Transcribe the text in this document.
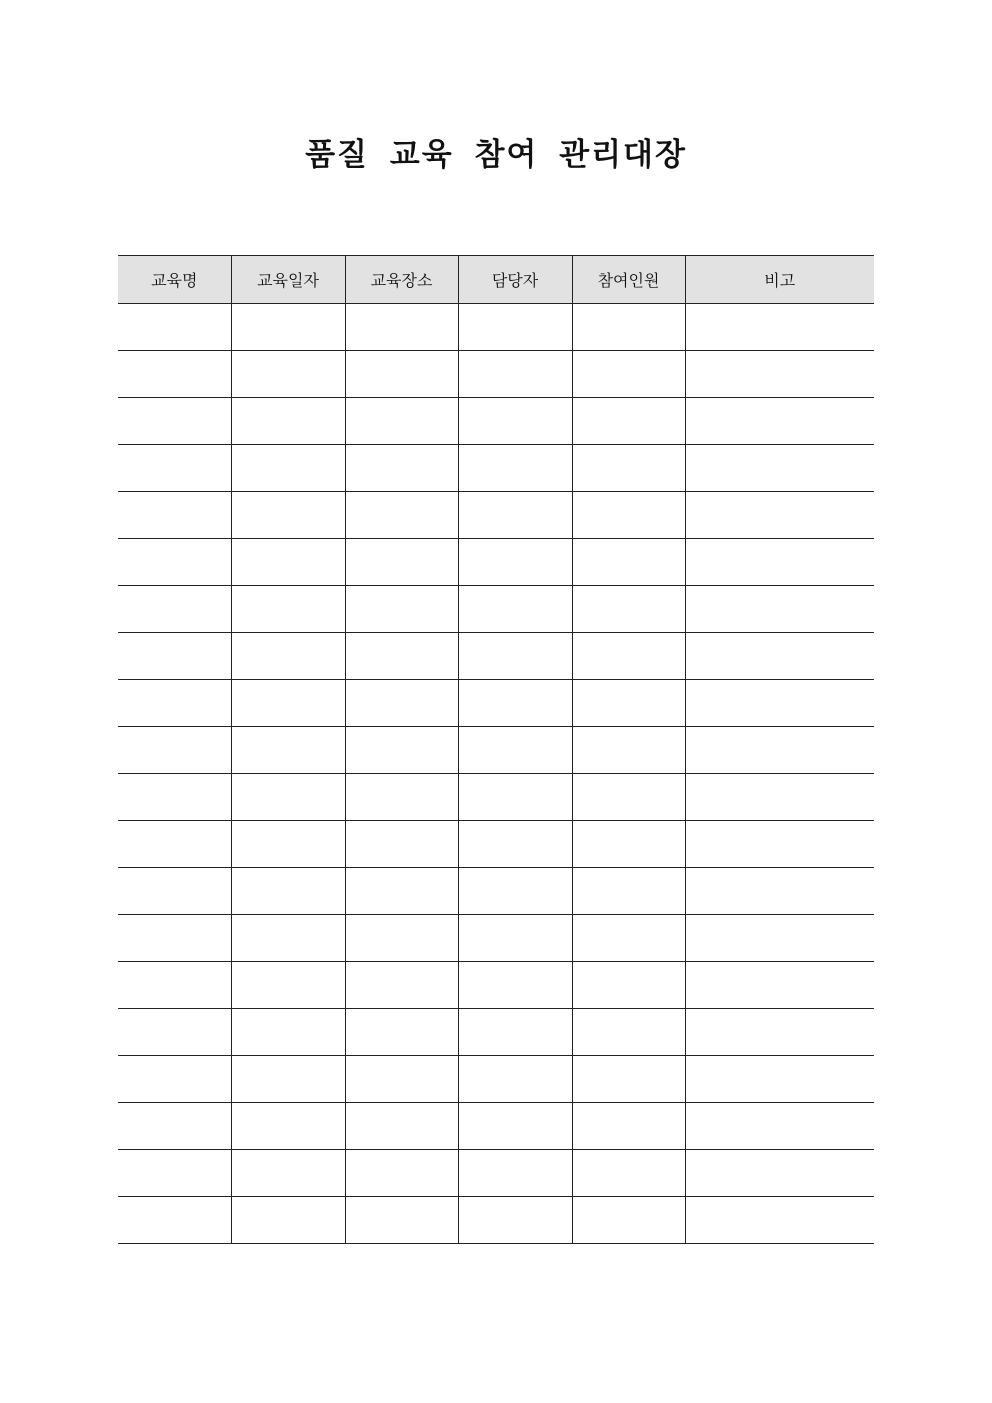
품질 교육 참여 관리대장
교육명	교육일자	교육장소	담당자	참여인원	비고
